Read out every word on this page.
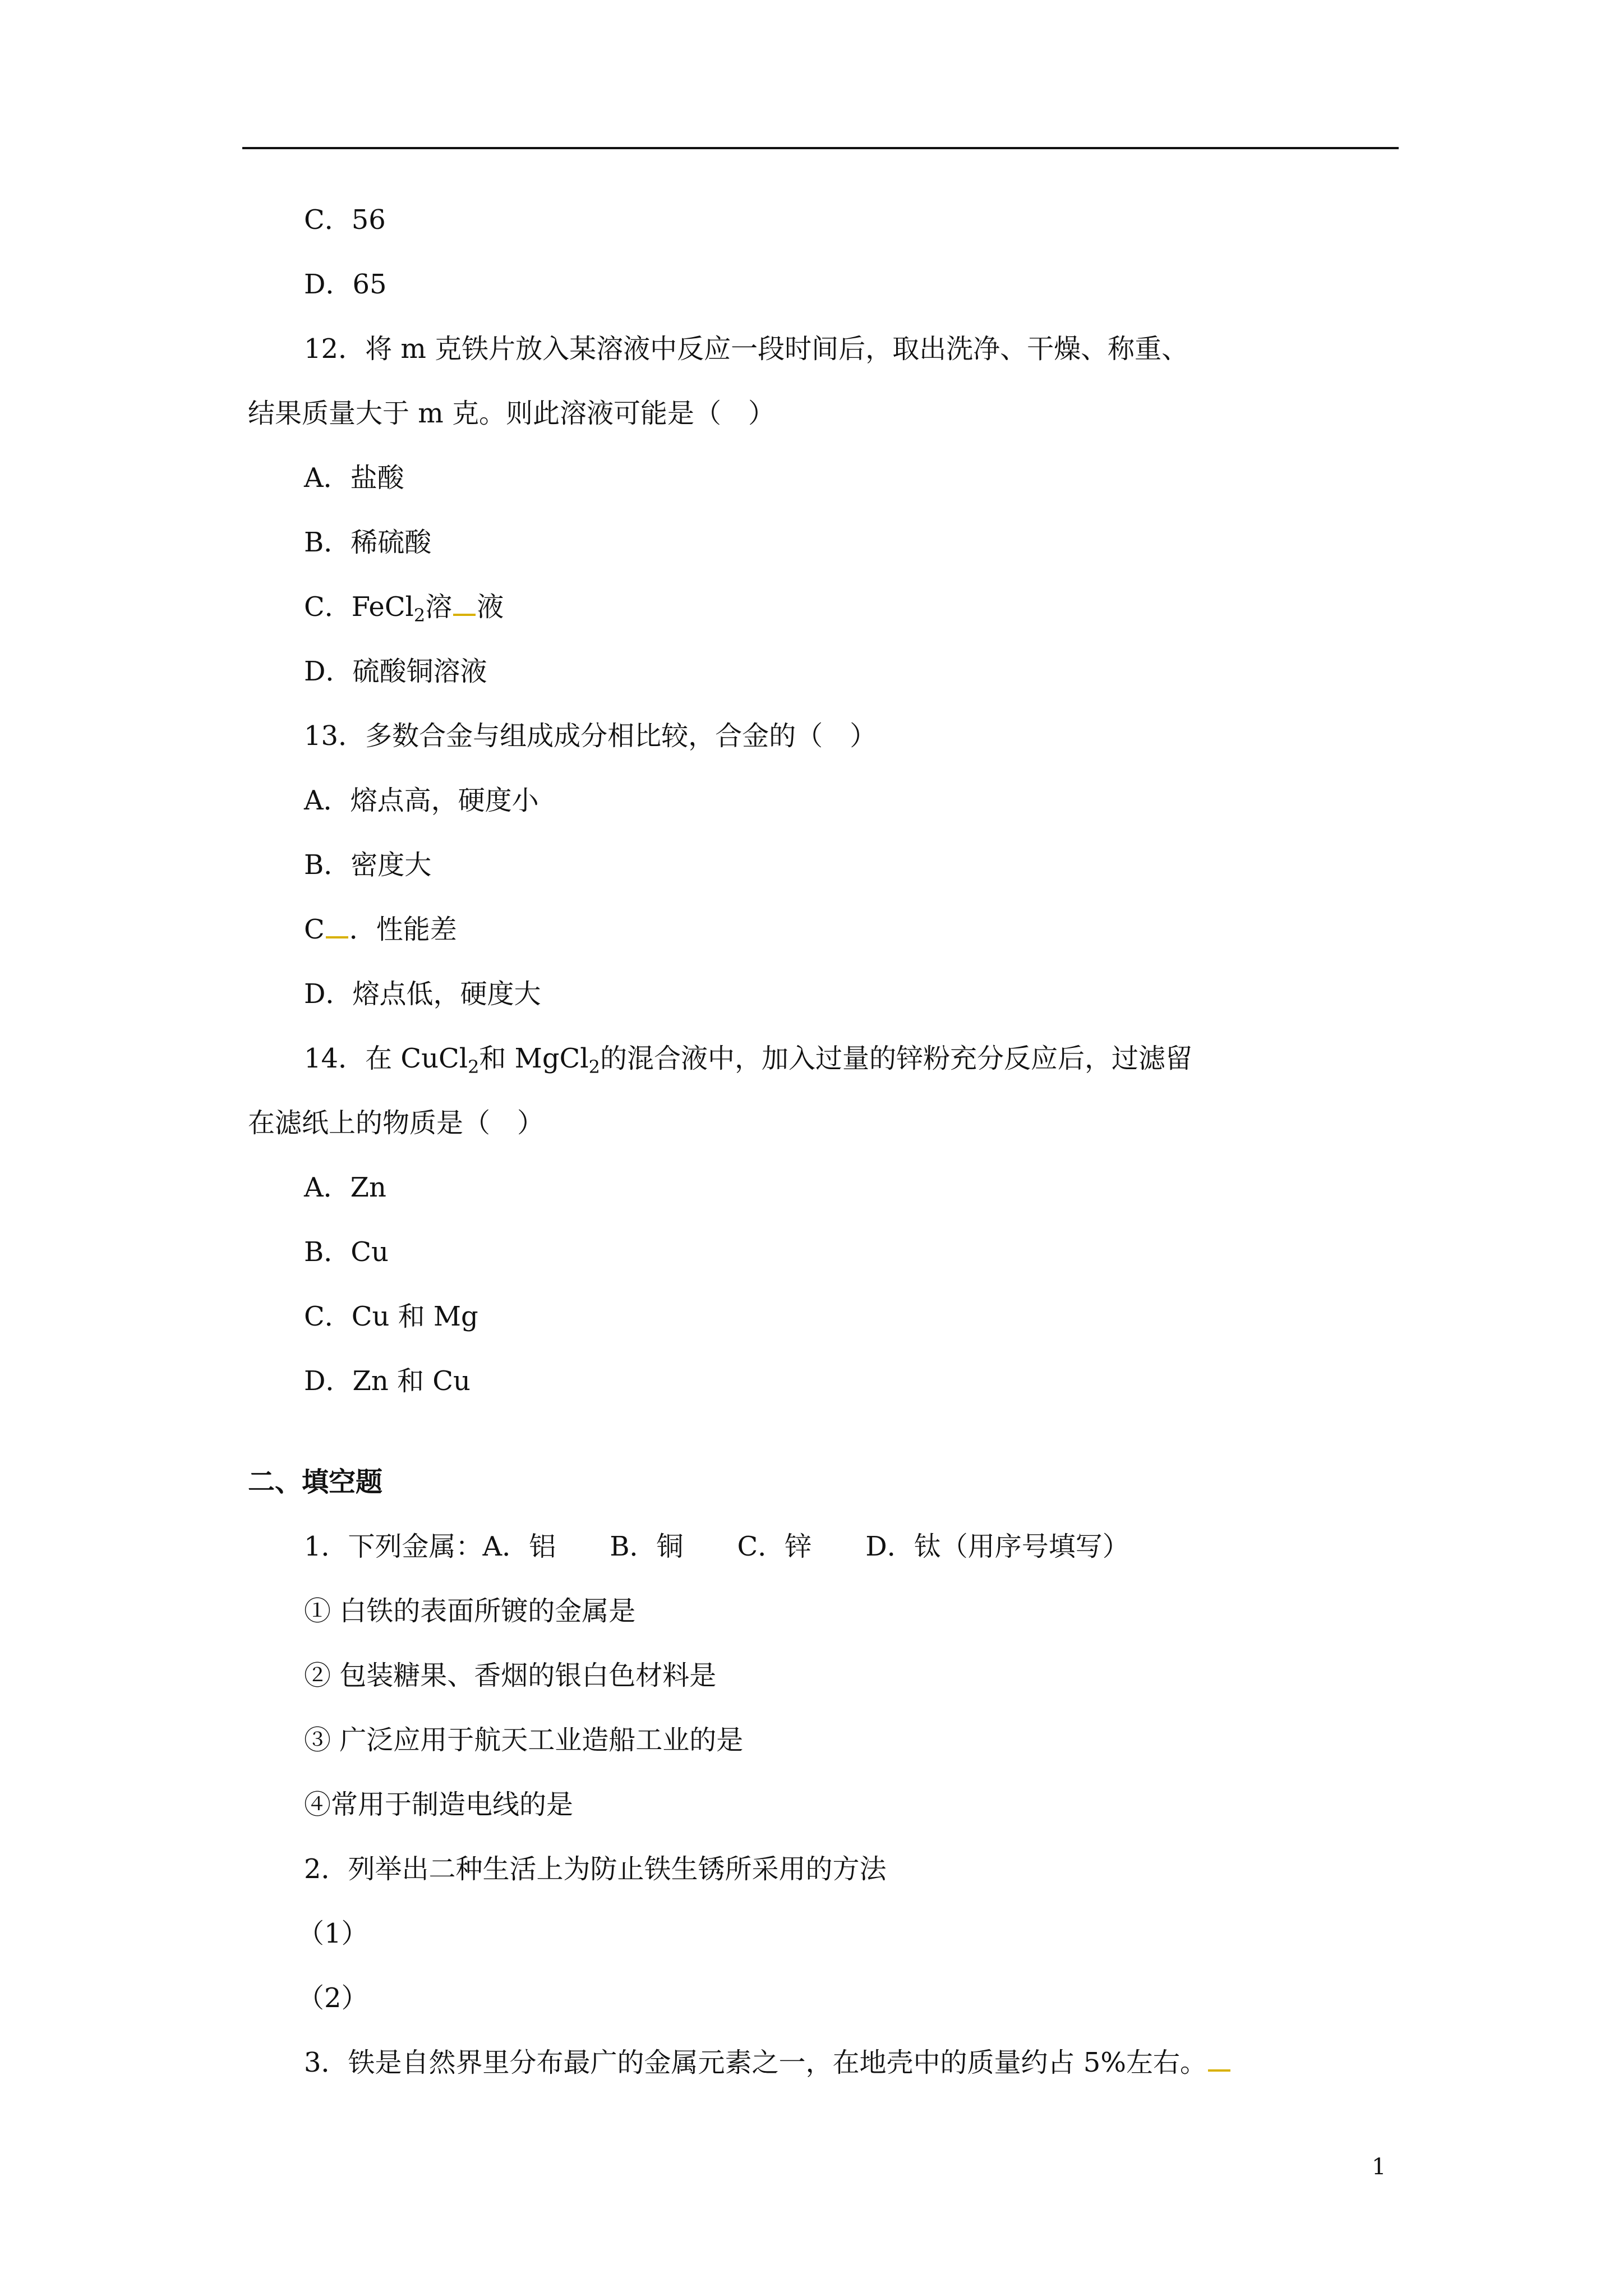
C．56
D．65
12．将 m 克铁片放入某溶液中反应一段时间后，取出洗净、干燥、称重、
结果质量大于 m 克。则此溶液可能是（　）
A．盐酸
B．稀硫酸
C．FeCl$_2$溶 液
D．硫酸铜溶液
13．多数合金与组成成分相比较，合金的（　）
A．熔点高，硬度小
B．密度大
C ．性能差
D．熔点低，硬度大
14．在 CuCl$_2$和 MgCl$_2$的混合液中，加入过量的锌粉充分反应后，过滤留
在滤纸上的物质是（　）
A．Zn
B．Cu
C．Cu 和 Mg
D．Zn 和 Cu
二、填空题
1．下列金属：A．铝　　B．铜　　C．锌　　D．钛（用序号填写）
① 白铁的表面所镀的金属是
② 包装糖果、香烟的银白色材料是
③ 广泛应用于航天工业造船工业的是
④常用于制造电线的是
2．列举出二种生活上为防止铁生锈所采用的方法
（1）
（2）
3．铁是自然界里分布最广的金属元素之一，在地壳中的质量约占 5%左右。
1
